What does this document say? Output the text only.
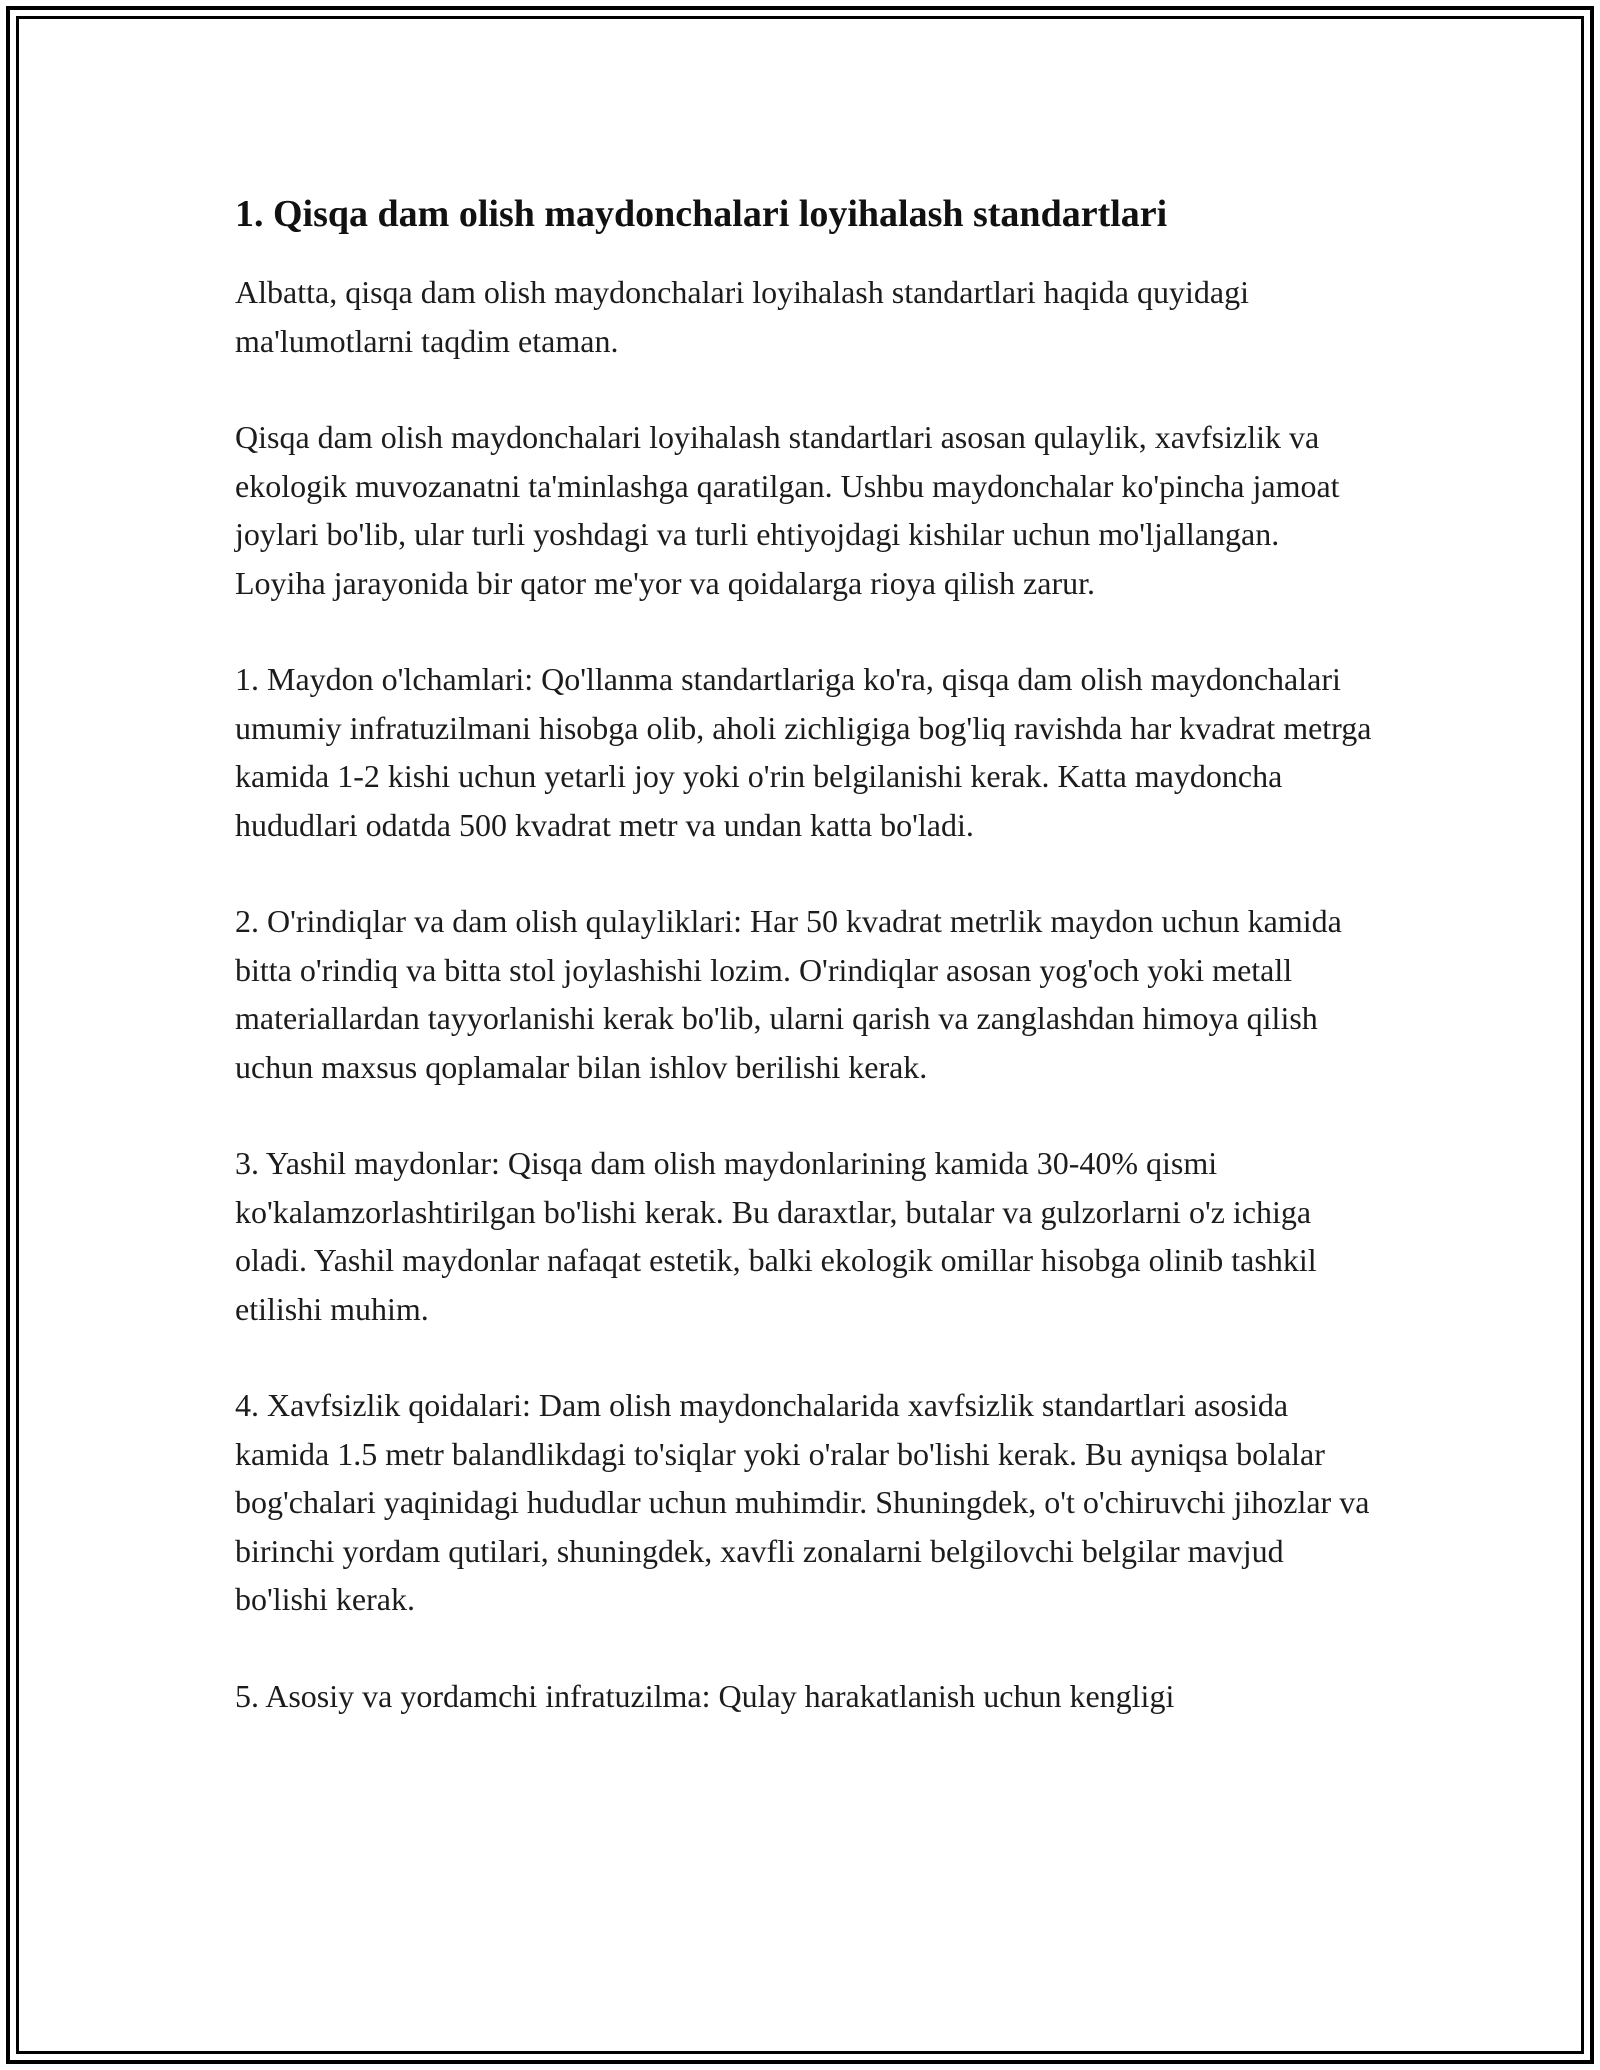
1. Qisqa dam olish maydonchalari loyihalash standartlari

Albatta, qisqa dam olish maydonchalari loyihalash standartlari haqida quyidagi ma'lumotlarni taqdim etaman.

Qisqa dam olish maydonchalari loyihalash standartlari asosan qulaylik, xavfsizlik va ekologik muvozanatni ta'minlashga qaratilgan. Ushbu maydonchalar ko'pincha jamoat joylari bo'lib, ular turli yoshdagi va turli ehtiyojdagi kishilar uchun mo'ljallangan. Loyiha jarayonida bir qator me'yor va qoidalarga rioya qilish zarur.

1. Maydon o'lchamlari: Qo'llanma standartlariga ko'ra, qisqa dam olish maydonchalari umumiy infratuzilmani hisobga olib, aholi zichligiga bog'liq ravishda har kvadrat metrga kamida 1-2 kishi uchun yetarli joy yoki o'rin belgilanishi kerak. Katta maydoncha hududlari odatda 500 kvadrat metr va undan katta bo'ladi.

2. O'rindiqlar va dam olish qulayliklari: Har 50 kvadrat metrlik maydon uchun kamida bitta o'rindiq va bitta stol joylashishi lozim. O'rindiqlar asosan yog'och yoki metall materiallardan tayyorlanishi kerak bo'lib, ularni qarish va zanglashdan himoya qilish uchun maxsus qoplamalar bilan ishlov berilishi kerak.

3. Yashil maydonlar: Qisqa dam olish maydonlarining kamida 30-40% qismi ko'kalamzorlashtirilgan bo'lishi kerak. Bu daraxtlar, butalar va gulzorlarni o'z ichiga oladi. Yashil maydonlar nafaqat estetik, balki ekologik omillar hisobga olinib tashkil etilishi muhim.

4. Xavfsizlik qoidalari: Dam olish maydonchalarida xavfsizlik standartlari asosida kamida 1.5 metr balandlikdagi to'siqlar yoki o'ralar bo'lishi kerak. Bu ayniqsa bolalar bog'chalari yaqinidagi hududlar uchun muhimdir. Shuningdek, o't o'chiruvchi jihozlar va birinchi yordam qutilari, shuningdek, xavfli zonalarni belgilovchi belgilar mavjud bo'lishi kerak.

5. Asosiy va yordamchi infratuzilma: Qulay harakatlanish uchun kengligi
